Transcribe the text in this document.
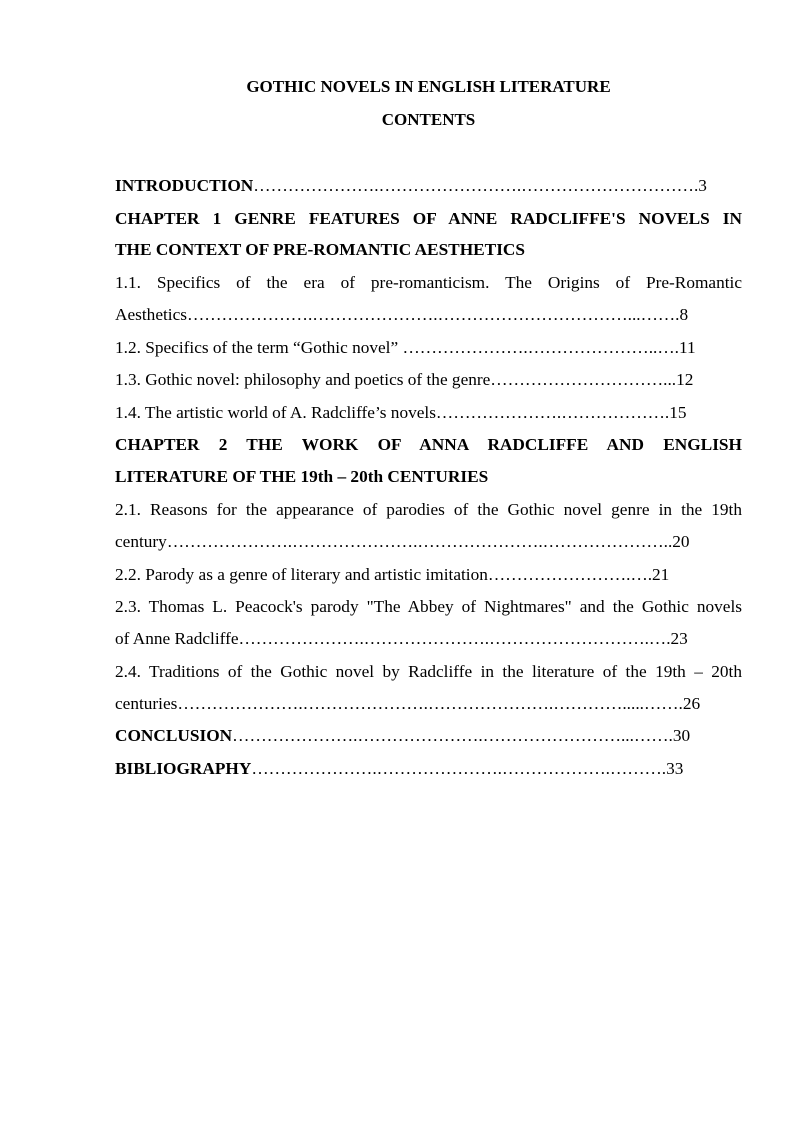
GOTHIC NOVELS IN ENGLISH LITERATURE
CONTENTS
INTRODUCTION………………….…………………….………………………….3
CHAPTER 1 GENRE FEATURES OF ANNE RADCLIFFE'S NOVELS IN
THE CONTEXT OF PRE-ROMANTIC AESTHETICS
1.1. Specifics of the era of pre-romanticism. The Origins of Pre-Romantic
Aesthetics………………….………………….……………………………...…….8
1.2. Specifics of the term “Gothic novel” ………………….…………………..….11
1.3. Gothic novel: philosophy and poetics of the genre…………………………...12
1.4. The artistic world of A. Radcliffe’s novels………………….……………….15
CHAPTER 2 THE WORK OF ANNA RADCLIFFE AND ENGLISH
LITERATURE OF THE 19th – 20th CENTURIES
2.1. Reasons for the appearance of parodies of the Gothic novel genre in the 19th
century………………….………………….………………….…………………..20
2.2. Parody as a genre of literary and artistic imitation…………………….….21
2.3. Thomas L. Peacock's parody "The Abbey of Nightmares" and the Gothic novels
of Anne Radcliffe………………….………………….……………………….….23
2.4. Traditions of the Gothic novel by Radcliffe in the literature of the 19th – 20th
centuries………………….………………….………………….………….....…….26
CONCLUSION………………….………………….……………………...…….30
BIBLIOGRAPHY………………….………………….……………….……….33
